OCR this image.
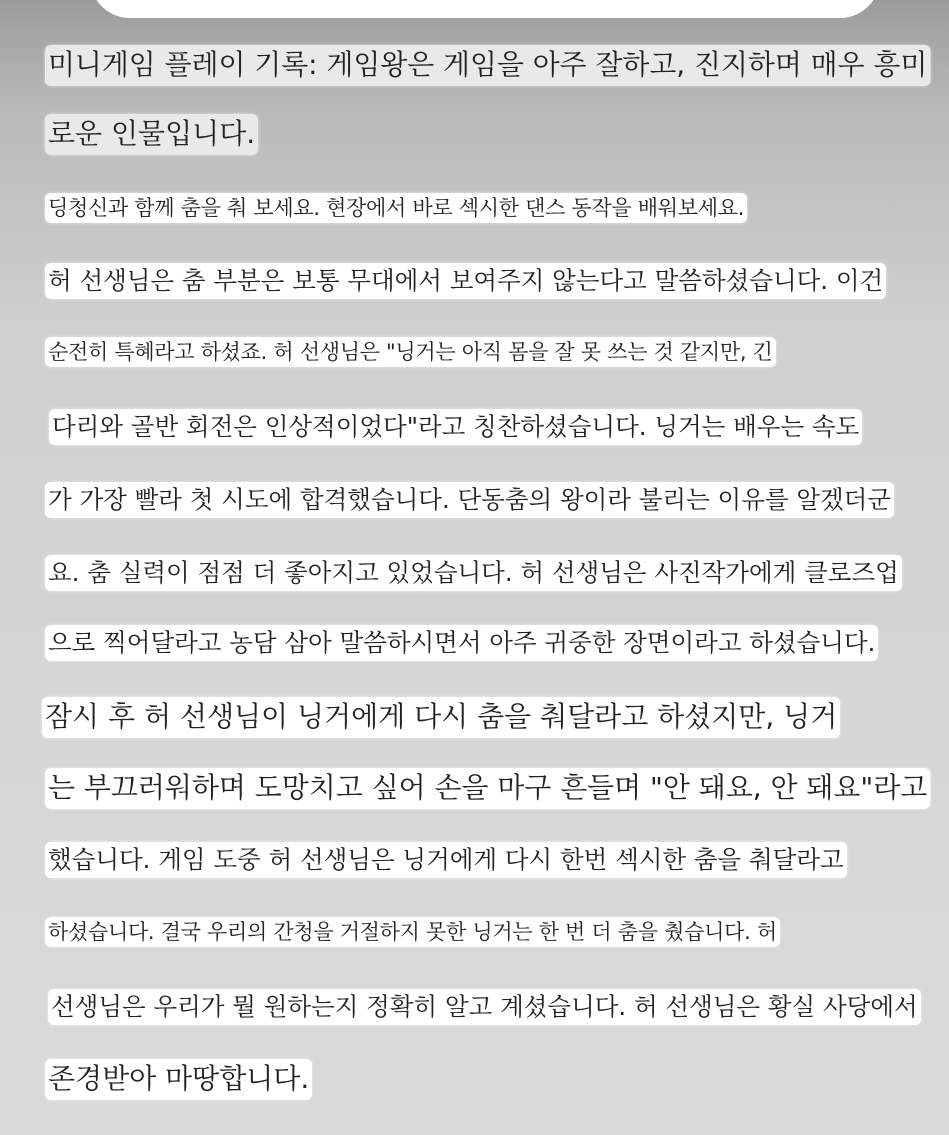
미니게임 플레이 기록: 게임왕은 게임을 아주 잘하고, 진지하며 매우 흥미
로운 인물입니다.
딩청신과 함께 춤을 춰 보세요. 현장에서 바로 섹시한 댄스 동작을 배워보세요.
허 선생님은 춤 부분은 보통 무대에서 보여주지 않는다고 말씀하셨습니다. 이건
순전히 특혜라고 하셨죠. 허 선생님은 "닝거는 아직 몸을 잘 못 쓰는 것 같지만, 긴
다리와 골반 회전은 인상적이었다"라고 칭찬하셨습니다. 닝거는 배우는 속도
가 가장 빨라 첫 시도에 합격했습니다. 단동춤의 왕이라 불리는 이유를 알겠더군
요. 춤 실력이 점점 더 좋아지고 있었습니다. 허 선생님은 사진작가에게 클로즈업
으로 찍어달라고 농담 삼아 말씀하시면서 아주 귀중한 장면이라고 하셨습니다.
잠시 후 허 선생님이 닝거에게 다시 춤을 춰달라고 하셨지만, 닝거
는 부끄러워하며 도망치고 싶어 손을 마구 흔들며 "안 돼요, 안 돼요"라고
했습니다. 게임 도중 허 선생님은 닝거에게 다시 한번 섹시한 춤을 춰달라고
하셨습니다. 결국 우리의 간청을 거절하지 못한 닝거는 한 번 더 춤을 췄습니다. 허
선생님은 우리가 뭘 원하는지 정확히 알고 계셨습니다. 허 선생님은 황실 사당에서
존경받아 마땅합니다.
